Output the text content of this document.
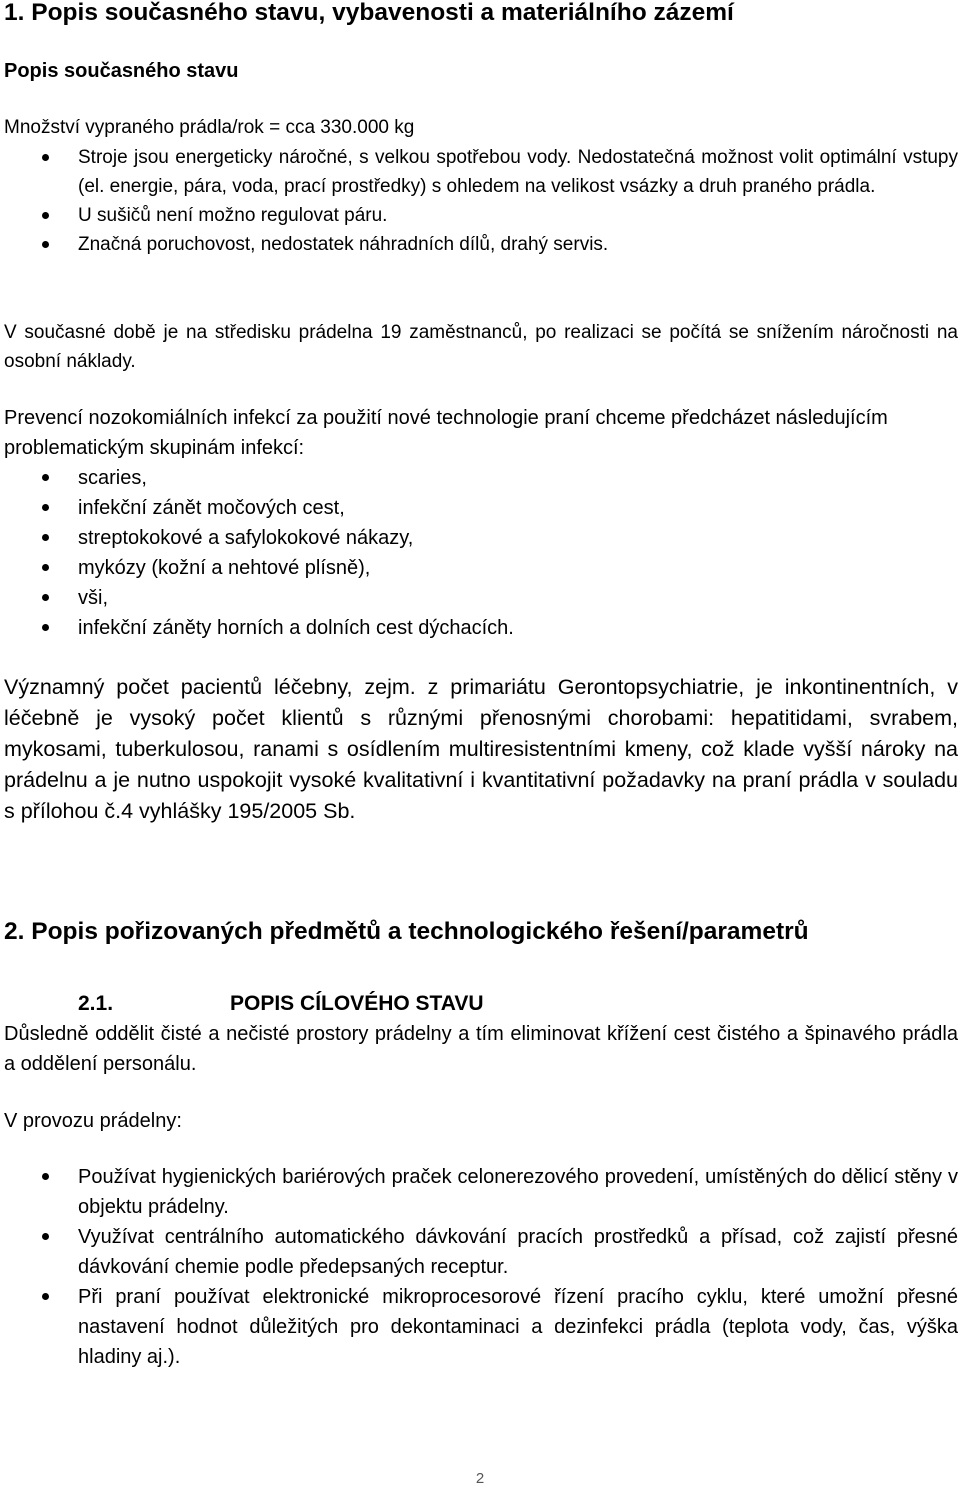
1. Popis současného stavu, vybavenosti a materiálního zázemí
Popis současného stavu

Množství vypraného prádla/rok = cca 330.000 kg

Stroje jsou energeticky náročné, s velkou spotřebou vody. Nedostatečná možnost volit optimální vstupy (el. energie, pára, voda, prací prostředky) s ohledem na velikost vsázky a druh praného prádla.
U sušičů není možno regulovat páru.
Značná poruchovost, nedostatek náhradních dílů, drahý servis.

V současné době je na středisku prádelna 19 zaměstnanců, po realizaci se počítá se snížením náročnosti na osobní náklady.

Prevencí nozokomiálních infekcí za použití nové technologie praní chceme předcházet následujícím problematickým skupinám infekcí:

scaries,
infekční zánět močových cest,
streptokokové a safylokokové nákazy,
mykózy (kožní a nehtové plísně),
vši,
infekční záněty horních a dolních cest dýchacích.

Významný počet pacientů léčebny, zejm. z primariátu Gerontopsychiatrie, je inkontinentních, v léčebně je vysoký počet klientů s různými přenosnými chorobami: hepatitidami, svrabem, mykosami, tuberkulosou, ranami s osídlením multiresistentními kmeny, což klade vyšší nároky na prádelnu a je nutno uspokojit vysoké kvalitativní i kvantitativní požadavky na praní prádla v souladu s přílohou č.4 vyhlášky 195/2005 Sb.

2. Popis pořizovaných předmětů a technologického řešení/parametrů
2.1.	POPIS CÍLOVÉHO STAVU

Důsledně oddělit čisté a nečisté prostory prádelny a tím eliminovat křížení cest čistého a špinavého prádla a oddělení personálu.

V provozu prádelny:

Používat hygienických bariérových praček celonerezového provedení, umístěných do dělicí stěny v objektu prádelny.
Využívat centrálního automatického dávkování pracích prostředků a přísad, což zajistí přesné dávkování chemie podle předepsaných receptur.
Při praní používat elektronické mikroprocesorové řízení pracího cyklu, které umožní přesné nastavení hodnot důležitých pro dekontaminaci a dezinfekci prádla (teplota vody, čas, výška hladiny aj.).
2
